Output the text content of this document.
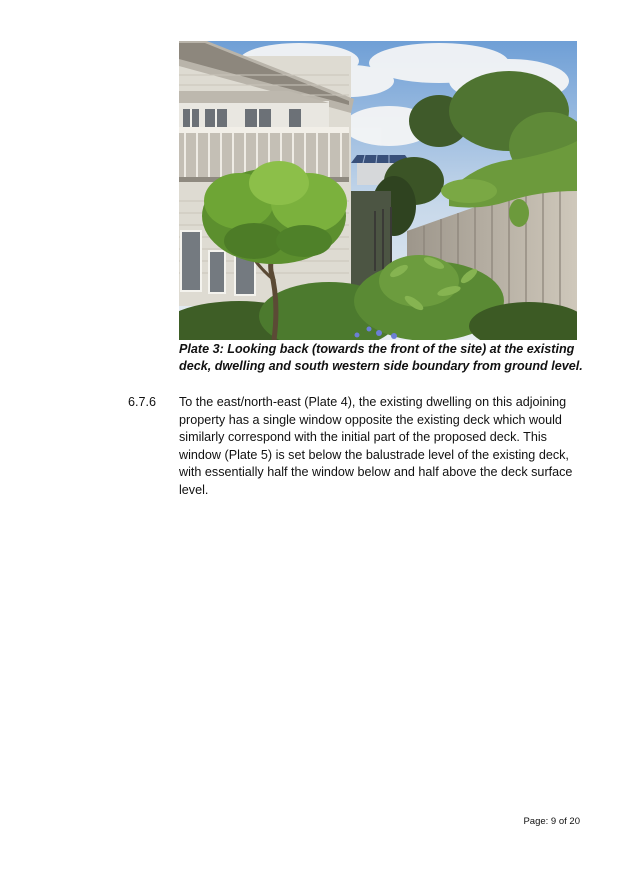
Plate 3: Looking back (towards the front of the site) at the existing
deck, dwelling and south western side boundary from ground level.
6.7.6 To the east/north-east (Plate 4), the existing dwelling on this adjoining
property has a single window opposite the existing deck which would
similarly correspond with the initial part of the proposed deck. This
window (Plate 5) is set below the balustrade level of the existing deck,
with essentially half the window below and half above the deck surface
level.
Page: 9 of 20
